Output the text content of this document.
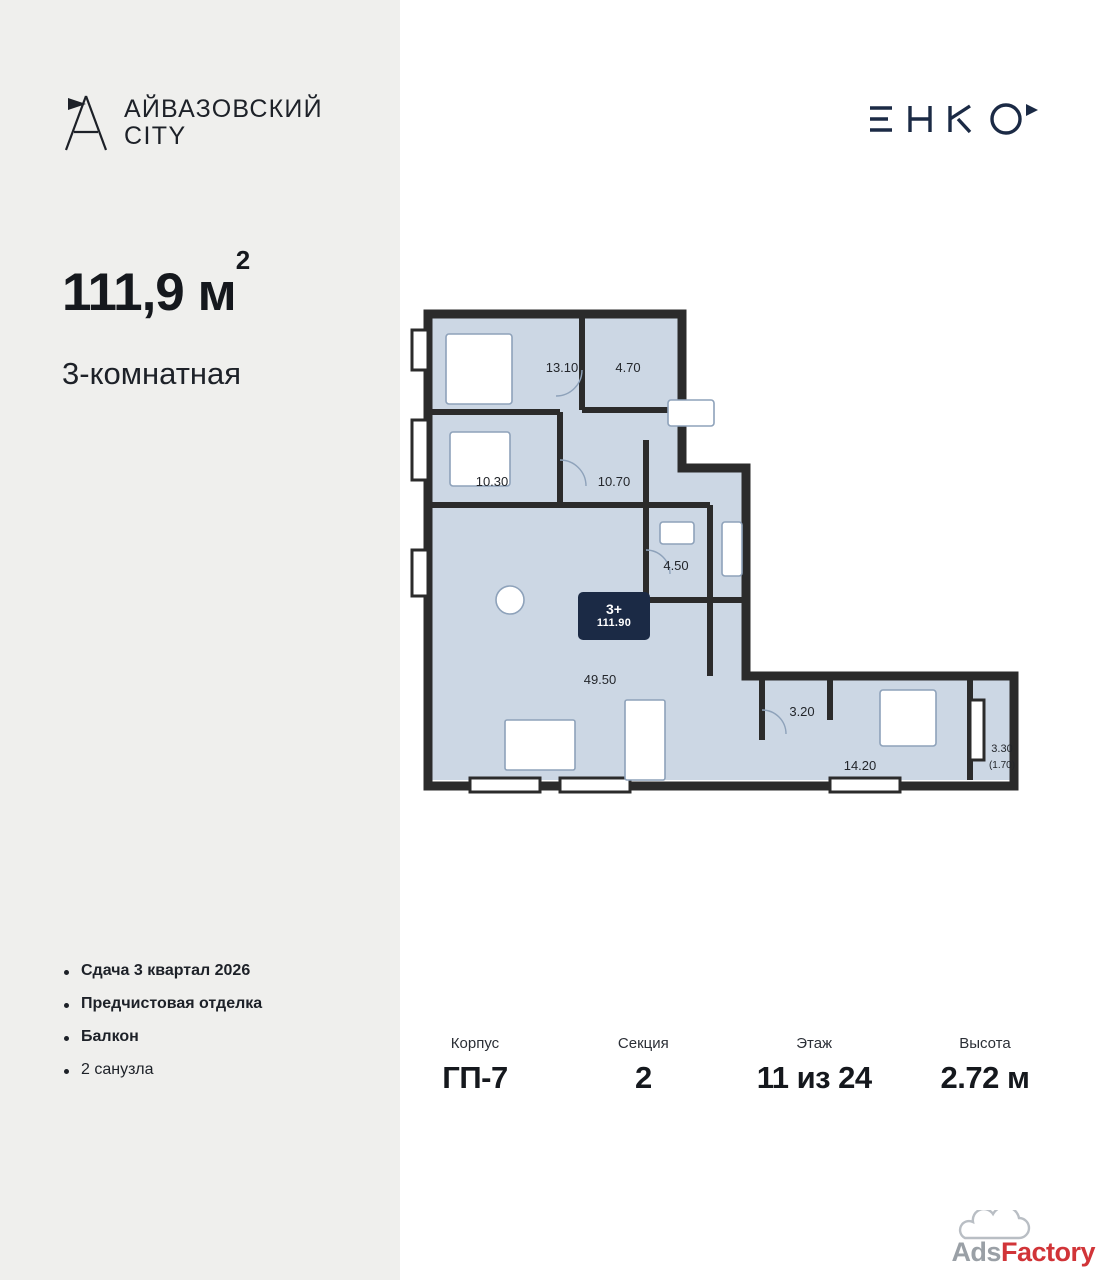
АЙВАЗОВСКИЙ
CITY
111,9 $м^2$
3-комнатная
Сдача 3 квартал 2026
Предчистовая отделка
Балкон
2 санузла
13.10	4.70
10.30	10.70
4.50
49.50
3.20
14.20
3.30
(1.70)
3+
111.90
Корпус
ГП-7
Секция
2
Этаж
11 из 24
Высота
2.72 м
AdsFactory
